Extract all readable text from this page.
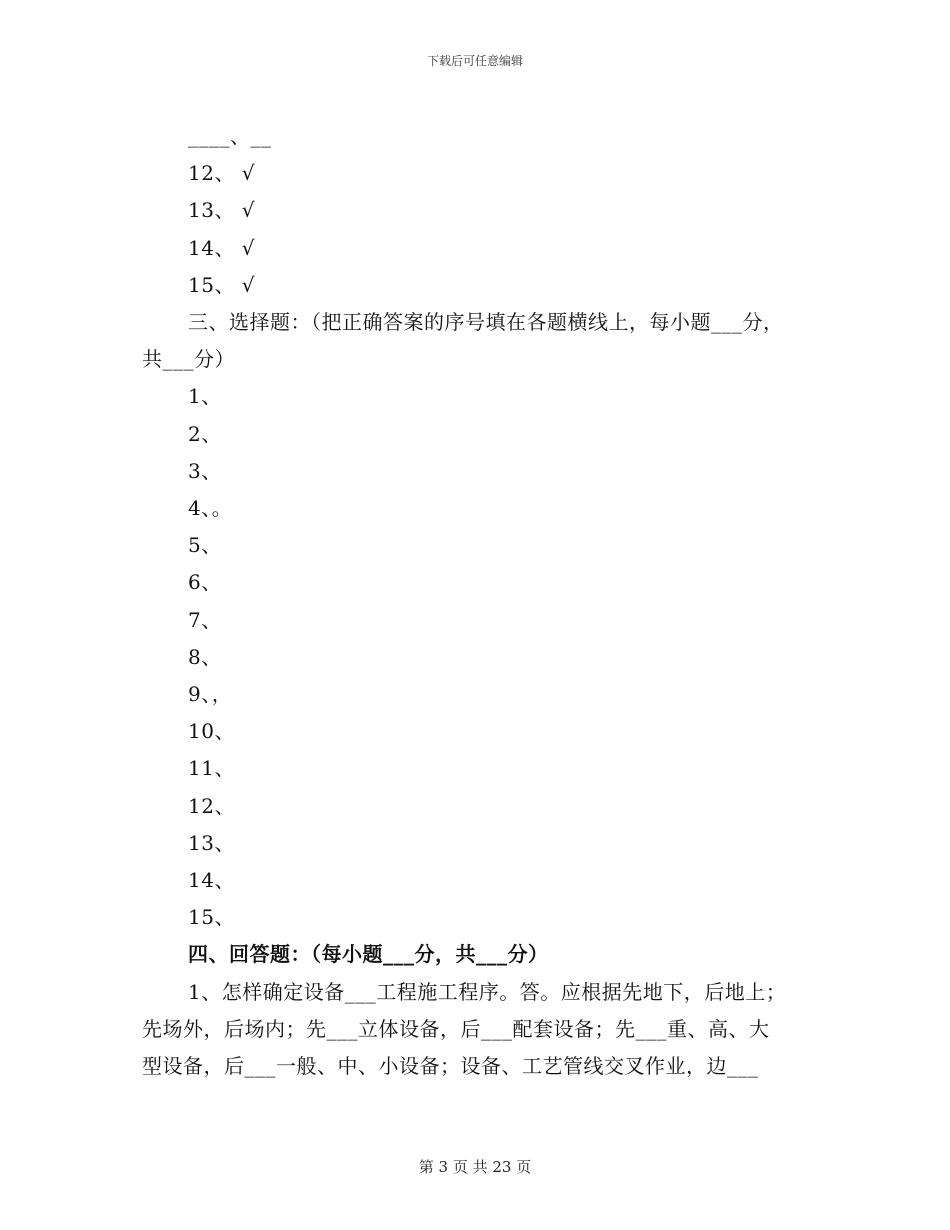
下载后可任意编辑
____、__
12、 √
13、 √
14、 √
15、 √
三、选择题：（把正确答案的序号填在各题横线上，每小题___分，
共___分）
1、
2、
3、
4、。
5、
6、
7、
8、
9、，
10、
11、
12、
13、
14、
15、
四、回答题：（每小题___分，共___分）
1、怎样确定设备___工程施工程序。答。应根据先地下，后地上；
先场外，后场内；先___立体设备，后___配套设备；先___重、高、大
型设备，后___一般、中、小设备；设备、工艺管线交叉作业，边___
第 3 页 共 23 页
